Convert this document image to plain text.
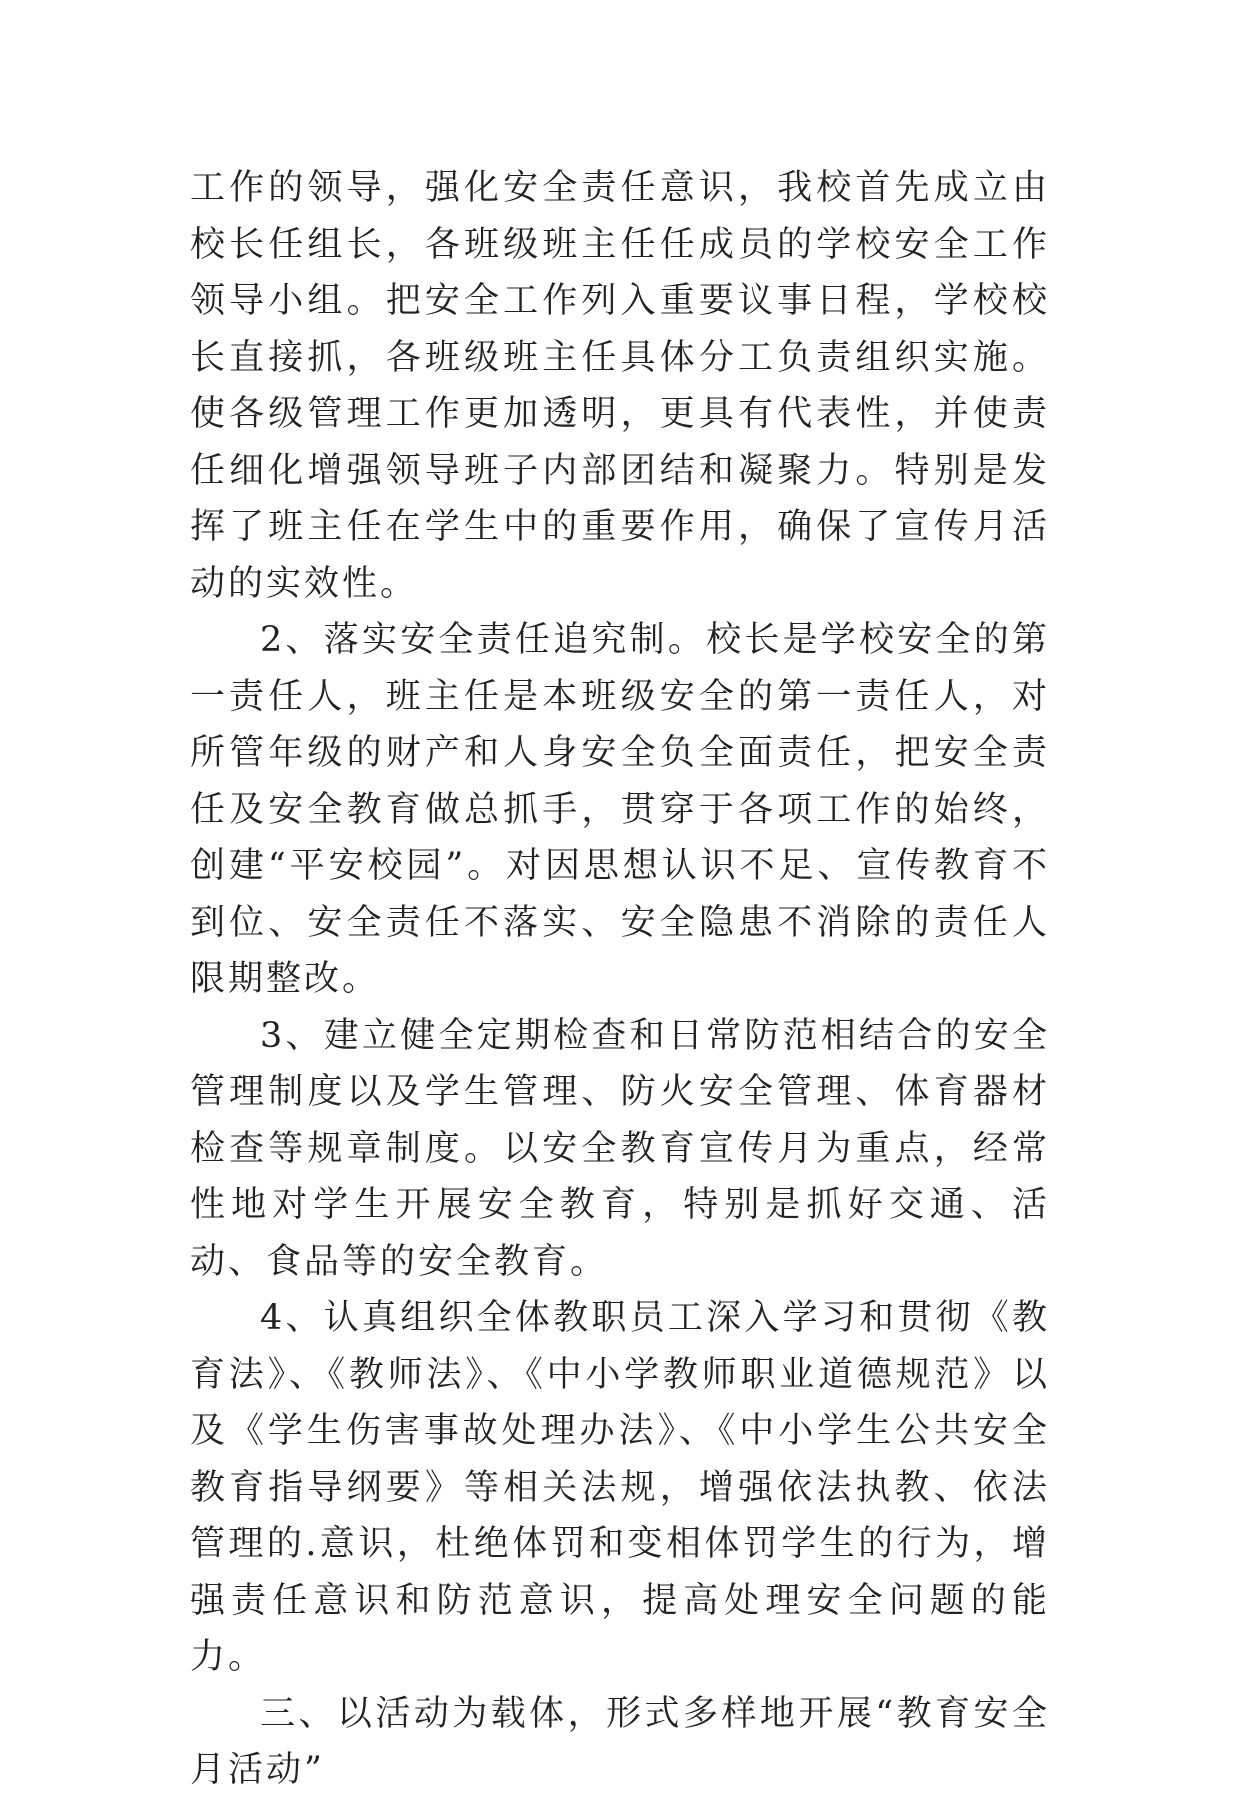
工作的领导，强化安全责任意识，我校首先成立由校长任组长，各班级班主任任成员的学校安全工作领导小组。把安全工作列入重要议事日程，学校校长直接抓，各班级班主任具体分工负责组织实施。使各级管理工作更加透明，更具有代表性，并使责任细化增强领导班子内部团结和凝聚力。特别是发挥了班主任在学生中的重要作用，确保了宣传月活动的实效性。

2、落实安全责任追究制。校长是学校安全的第一责任人，班主任是本班级安全的第一责任人，对所管年级的财产和人身安全负全面责任，把安全责任及安全教育做总抓手，贯穿于各项工作的始终，创建“平安校园”。对因思想认识不足、宣传教育不到位、安全责任不落实、安全隐患不消除的责任人限期整改。

3、建立健全定期检查和日常防范相结合的安全管理制度以及学生管理、防火安全管理、体育器材检查等规章制度。以安全教育宣传月为重点，经常性地对学生开展安全教育，特别是抓好交通、活动、食品等的安全教育。

4、认真组织全体教职员工深入学习和贯彻《教育法》、《教师法》、《中小学教师职业道德规范》以及《学生伤害事故处理办法》、《中小学生公共安全教育指导纲要》等相关法规，增强依法执教、依法管理的.意识，杜绝体罚和变相体罚学生的行为，增强责任意识和防范意识，提高处理安全问题的能力。

三、以活动为载体，形式多样地开展“教育安全月活动”
